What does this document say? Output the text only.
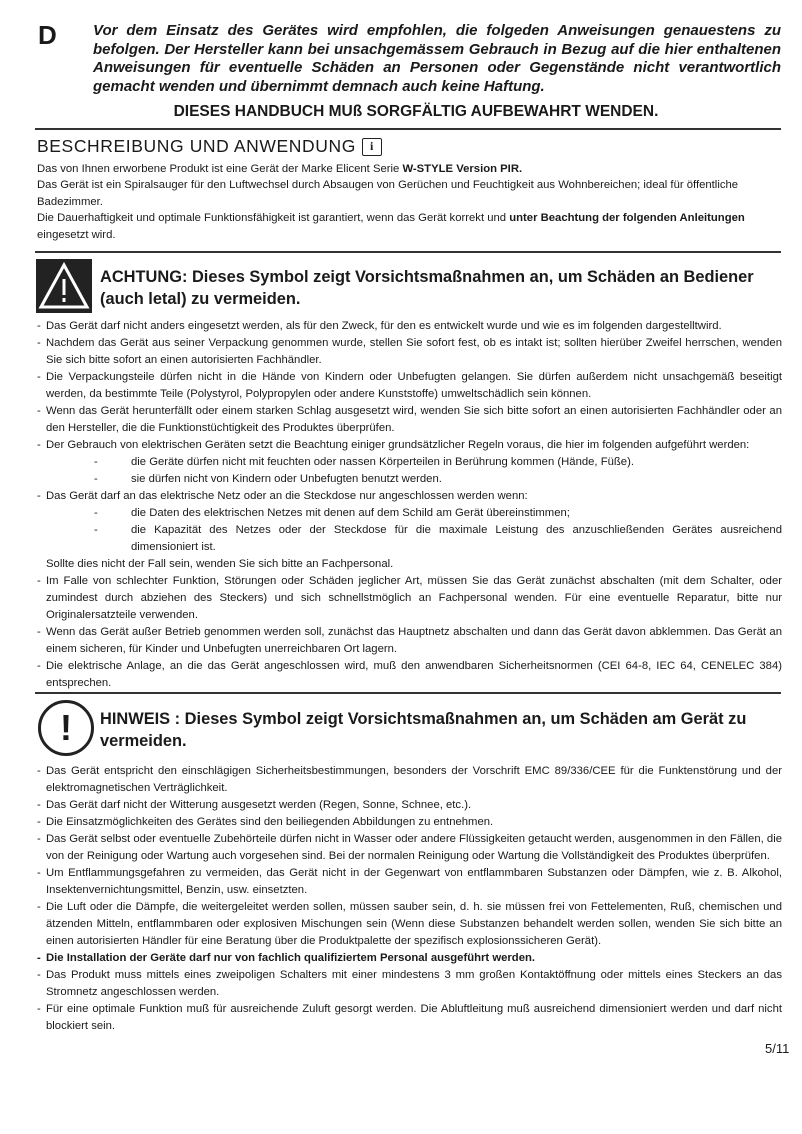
D Vor dem Einsatz des Gerätes wird empfohlen, die folgeden Anweisungen genauestens zu befolgen. Der Hersteller kann bei unsachgemässem Gebrauch in Bezug auf die hier enthaltenen Anweisungen für eventuelle Schäden an Personen oder Gegenstände nicht verantwortlich gemacht wenden und übernimmt demnach auch keine Haftung.
DIESES HANDBUCH MUß SORGFÄLTIG AUFBEWAHRT WENDEN.
BESCHREIBUNG UND ANWENDUNG	i

Das von Ihnen erworbene Produkt ist eine Gerät der Marke Elicent Serie W-STYLE Version PIR.

Das Gerät ist ein Spiralsauger für den Luftwechsel durch Absaugen von Gerüchen und Feuchtigkeit aus Wohnbereichen; ideal für öffentliche Badezimmer.

Die Dauerhaftigkeit und optimale Funktionsfähigkeit ist garantiert, wenn das Gerät korrekt und unter Beachtung der folgenden Anleitungen eingesetzt wird.

ACHTUNG: Dieses Symbol zeigt Vorsichtsmaßnahmen an, um Schäden an Bediener (auch letal) zu vermeiden.
- Das Gerät darf nicht anders eingesetzt werden, als für den Zweck, für den es entwickelt wurde und wie es im folgenden dargestelltwird.
- Nachdem das Gerät aus seiner Verpackung genommen wurde, stellen Sie sofort fest, ob es intakt ist; sollten hierüber Zweifel herrschen, wenden Sie sich bitte sofort an einen autorisierten Fachhändler.
- Die Verpackungsteile dürfen nicht in die Hände von Kindern oder Unbefugten gelangen. Sie dürfen außerdem nicht unsachgemäß beseitigt werden, da bestimmte Teile (Polystyrol, Polypropylen oder andere Kunststoffe) umweltschädlich sein können.
- Wenn das Gerät herunterfällt oder einem starken Schlag ausgesetzt wird, wenden Sie sich bitte sofort an einen autorisierten Fachhändler oder an den Hersteller, die die Funktionstüchtigkeit des Produktes überprüfen.
- Der Gebrauch von elektrischen Geräten setzt die Beachtung einiger grundsätzlicher Regeln voraus, die hier im folgenden aufgeführt werden:
-	die Geräte dürfen nicht mit feuchten oder nassen Körperteilen in Berührung kommen (Hände, Füße).
-	sie dürfen nicht von Kindern oder Unbefugten benutzt werden.
- Das Gerät darf an das elektrische Netz oder an die Steckdose nur angeschlossen werden wenn:
-	die Daten des elektrischen Netzes mit denen auf dem Schild am Gerät übereinstimmen;
-	die Kapazität des Netzes oder der Steckdose für die maximale Leistung des anzuschließenden Gerätes ausreichend dimensioniert ist.
Sollte dies nicht der Fall sein, wenden Sie sich bitte an Fachpersonal.
- Im Falle von schlechter Funktion, Störungen oder Schäden jeglicher Art, müssen Sie das Gerät zunächst abschalten (mit dem Schalter, oder zumindest durch abziehen des Steckers) und sich schnellstmöglich an Fachpersonal wenden. Für eine eventuelle Reparatur, bitte nur Originalersatzteile verwenden.
- Wenn das Gerät außer Betrieb genommen werden soll, zunächst das Hauptnetz abschalten und dann das Gerät davon abklemmen. Das Gerät an einem sicheren, für Kinder und Unbefugten unerreichbaren Ort lagern.
- Die elektrische Anlage, an die das Gerät angeschlossen wird, muß den anwendbaren Sicherheitsnormen (CEI 64-8, IEC 64, CENELEC 384) entsprechen.
!	HINWEIS : Dieses Symbol zeigt Vorsichtsmaßnahmen an, um Schäden am Gerät zu vermeiden.
- Das Gerät entspricht den einschlägigen Sicherheitsbestimmungen, besonders der Vorschrift EMC 89/336/CEE für die Funktenstörung und der elektromagnetischen Verträglichkeit.
- Das Gerät darf nicht der Witterung ausgesetzt werden (Regen, Sonne, Schnee, etc.).
- Die Einsatzmöglichkeiten des Gerätes sind den beiliegenden Abbildungen zu entnehmen.
- Das Gerät selbst oder eventuelle Zubehörteile dürfen nicht in Wasser oder andere Flüssigkeiten getaucht werden, ausgenommen in den Fällen, die von der Reinigung oder Wartung auch vorgesehen sind. Bei der normalen Reinigung oder Wartung die Vollständigkeit des Produktes überprüfen.
- Um Entflammungsgefahren zu vermeiden, das Gerät nicht in der Gegenwart von entflammbaren Substanzen oder Dämpfen, wie z. B. Alkohol, Insektenvernichtungsmittel, Benzin, usw. einsetzten.
- Die Luft oder die Dämpfe, die weitergeleitet werden sollen, müssen sauber sein, d. h. sie müssen frei von Fettelementen, Ruß, chemischen und ätzenden Mitteln, entflammbaren oder explosiven Mischungen sein (Wenn diese Substanzen behandelt werden sollen, wenden Sie sich bitte an einen autorisierten Händler für eine Beratung über die Produktpalette der spezifisch explosionssicheren Gerät).
- Die Installation der Geräte darf nur von fachlich qualifiziertem Personal ausgeführt werden.
- Das Produkt muss mittels eines zweipoligen Schalters mit einer mindestens 3 mm großen Kontaktöffnung oder mittels eines Steckers an das Stromnetz angeschlossen werden.
- Für eine optimale Funktion muß für ausreichende Zuluft gesorgt werden. Die Abluftleitung muß ausreichend dimensioniert werden und darf nicht blockiert sein.
5/11
